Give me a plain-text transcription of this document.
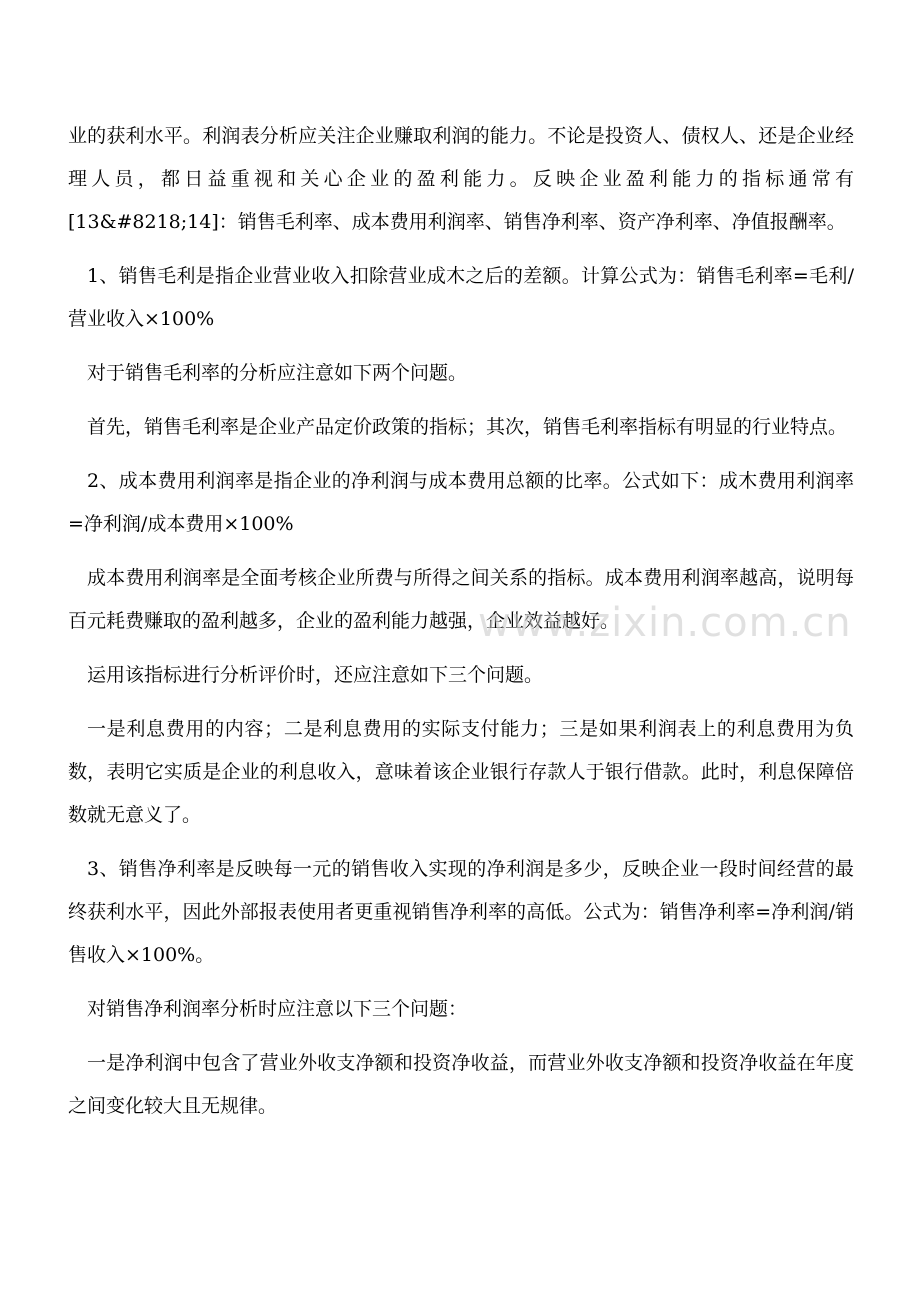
业的获利水平。利润表分析应关注企业赚取利润的能力。不论是投资人、债权人、还是企业经理人员，都日益重视和关心企业的盈利能力。反映企业盈利能力的指标通常有[13&#8218;14]：销售毛利率、成本费用利润率、销售净利率、资产净利率、净值报酬率。

1、销售毛利是指企业营业收入扣除营业成木之后的差额。计算公式为：销售毛利率=毛利/营业收入×100%

对于销售毛利率的分析应注意如下两个问题。

首先，销售毛利率是企业产品定价政策的指标；其次，销售毛利率指标有明显的行业特点。

2、成本费用利润率是指企业的净利润与成本费用总额的比率。公式如下：成木费用利润率=净利润/成本费用×100%

成本费用利润率是全面考核企业所费与所得之间关系的指标。成本费用利润率越高，说明每百元耗费赚取的盈利越多，企业的盈利能力越强，企业效益越好。

运用该指标进行分析评价时，还应注意如下三个问题。

一是利息费用的内容；二是利息费用的实际支付能力；三是如果利润表上的利息费用为负数，表明它实质是企业的利息收入，意味着该企业银行存款人于银行借款。此时，利息保障倍数就无意义了。

3、销售净利率是反映每一元的销售收入实现的净利润是多少，反映企业一段时间经营的最终获利水平，因此外部报表使用者更重视销售净利率的高低。公式为：销售净利率=净利润/销售收入×100%。

对销售净利润率分析时应注意以下三个问题：

一是净利润中包含了营业外收支净额和投资净收益，而营业外收支净额和投资净收益在年度之间变化较大且无规律。

www.zixin.com.cn
